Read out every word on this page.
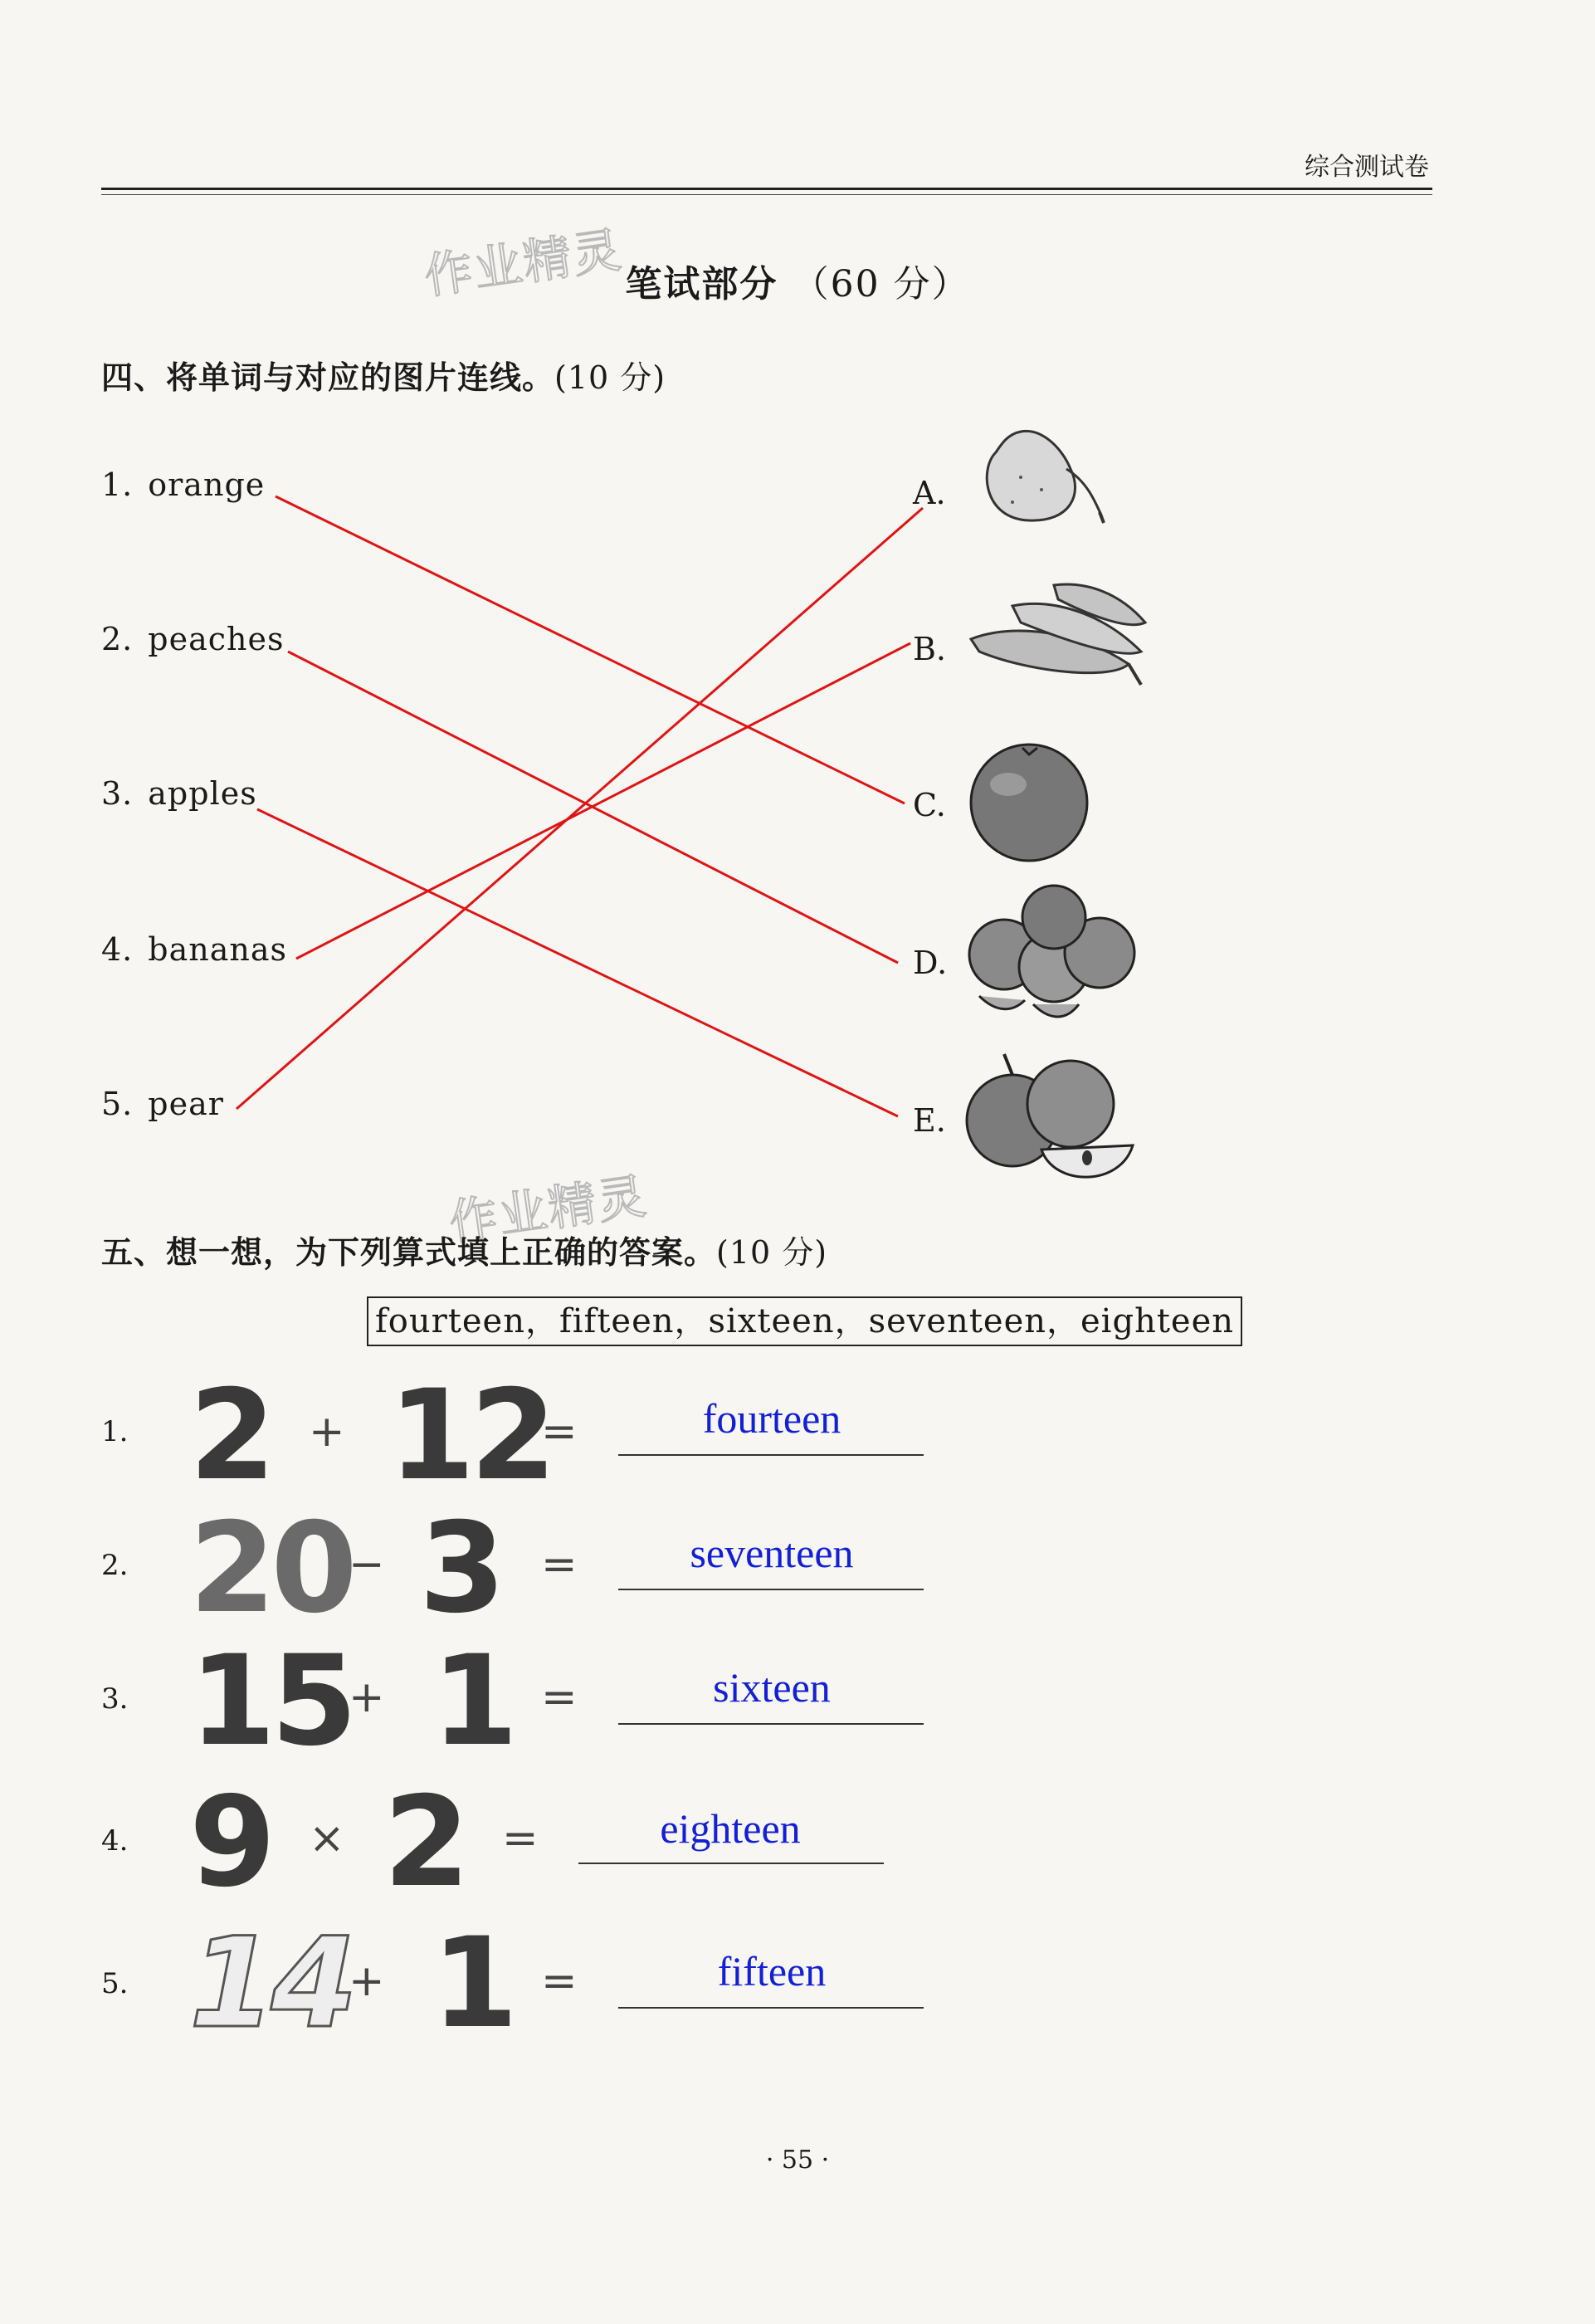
综合测试卷
作业精灵
作业精灵
笔试部分 （60 分）
四、将单词与对应的图片连线。(10 分)
1. orange
2. peaches
3. apples
4. bananas
5. pear
A.
B.
C.
D.
E.
五、想一想，为下列算式填上正确的答案。(10 分)
fourteen，fifteen，sixteen，seventeen，eighteen
1. 2 + 12
=	fourteen
2. 20
− 3 =	seventeen
3. 15
+ 1 =	sixteen
4. 9 × 2 =	eighteen
5. 14
+ 1 =	fifteen
· 55 ·
